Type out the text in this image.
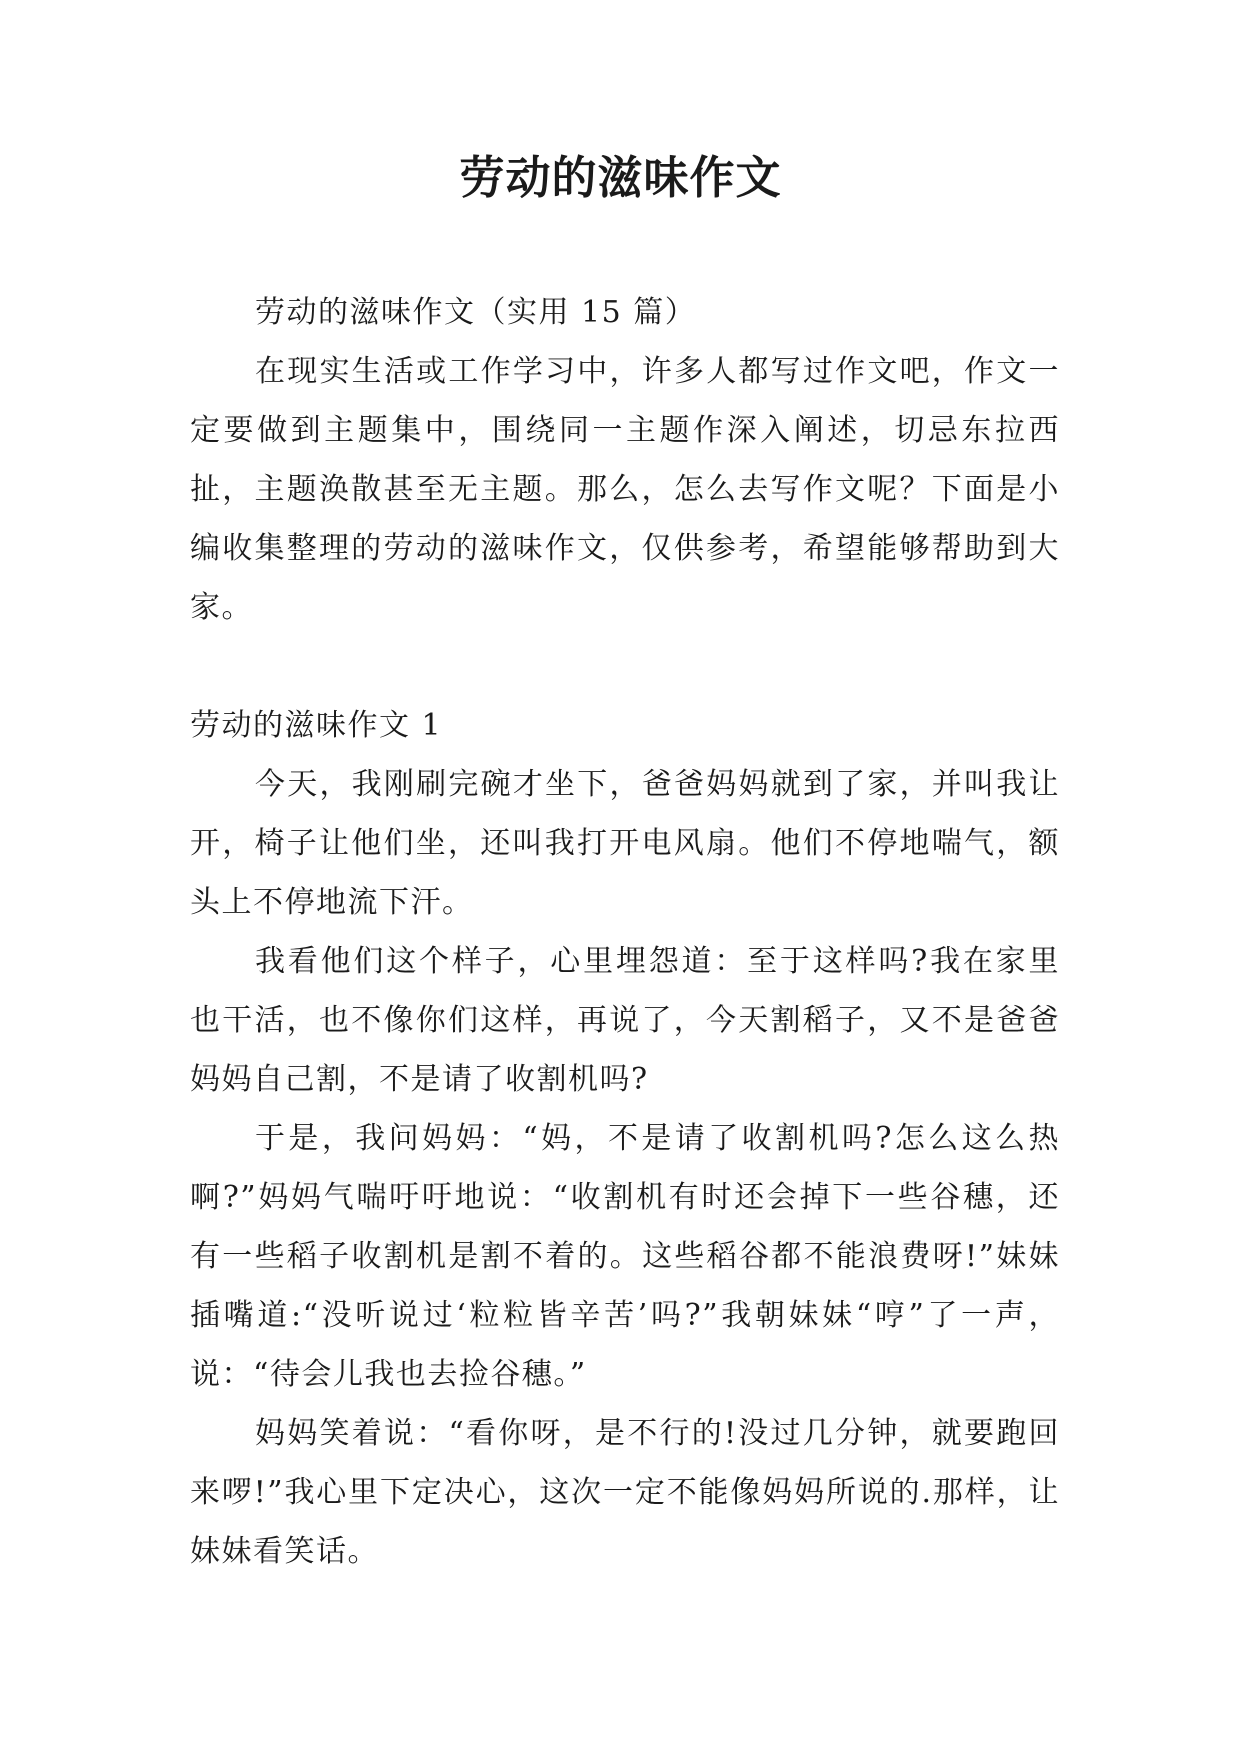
劳动的滋味作文

劳动的滋味作文（实用 15 篇）

在现实生活或工作学习中，许多人都写过作文吧，作文一定要做到主题集中，围绕同一主题作深入阐述，切忌东拉西扯，主题涣散甚至无主题。那么，怎么去写作文呢？下面是小编收集整理的劳动的滋味作文，仅供参考，希望能够帮助到大家。

劳动的滋味作文 1

今天，我刚刷完碗才坐下，爸爸妈妈就到了家，并叫我让开，椅子让他们坐，还叫我打开电风扇。他们不停地喘气，额头上不停地流下汗。

我看他们这个样子，心里埋怨道：至于这样吗?我在家里也干活，也不像你们这样，再说了，今天割稻子，又不是爸爸妈妈自己割，不是请了收割机吗?

于是，我问妈妈：“妈，不是请了收割机吗?怎么这么热啊?”妈妈气喘吁吁地说：“收割机有时还会掉下一些谷穗，还有一些稻子收割机是割不着的。这些稻谷都不能浪费呀!”妹妹插嘴道:“没听说过‘粒粒皆辛苦’吗?”我朝妹妹“哼”了一声，说：“待会儿我也去捡谷穗。”

妈妈笑着说：“看你呀，是不行的!没过几分钟，就要跑回来啰!”我心里下定决心，这次一定不能像妈妈所说的.那样，让妹妹看笑话。
